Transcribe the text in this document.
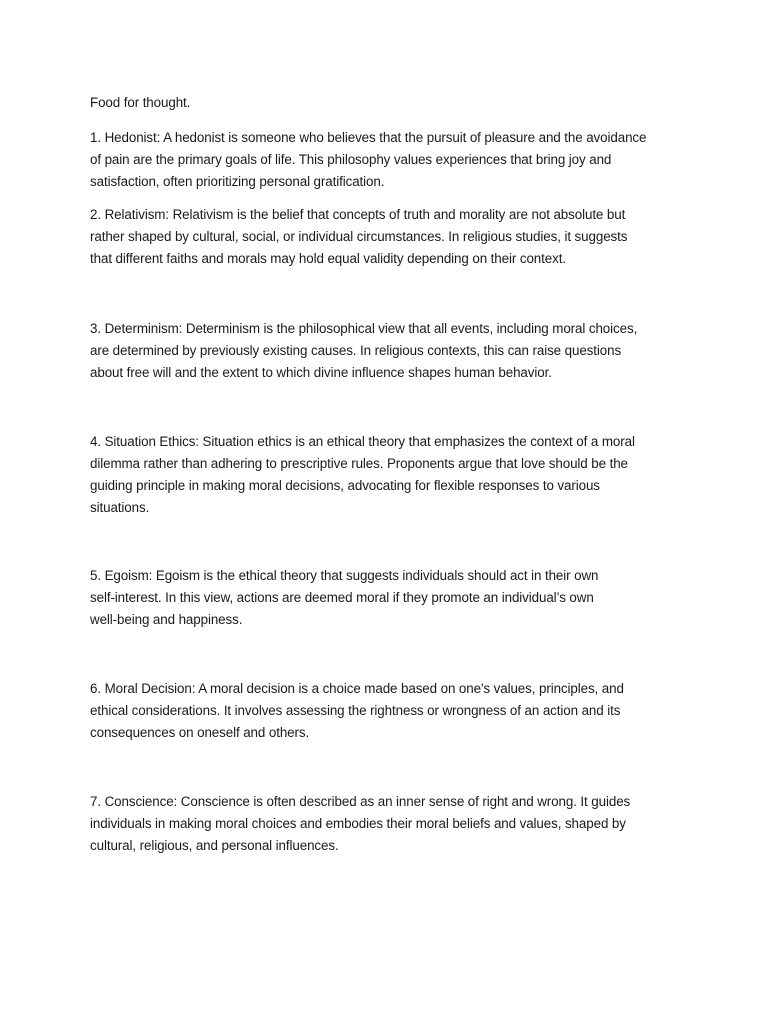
Food for thought.

1. Hedonist: A hedonist is someone who believes that the pursuit of pleasure and the avoidance
of pain are the primary goals of life. This philosophy values experiences that bring joy and
satisfaction, often prioritizing personal gratification.

2. Relativism: Relativism is the belief that concepts of truth and morality are not absolute but
rather shaped by cultural, social, or individual circumstances. In religious studies, it suggests
that different faiths and morals may hold equal validity depending on their context.

3. Determinism: Determinism is the philosophical view that all events, including moral choices,
are determined by previously existing causes. In religious contexts, this can raise questions
about free will and the extent to which divine influence shapes human behavior.

4. Situation Ethics: Situation ethics is an ethical theory that emphasizes the context of a moral
dilemma rather than adhering to prescriptive rules. Proponents argue that love should be the
guiding principle in making moral decisions, advocating for flexible responses to various
situations.

5. Egoism: Egoism is the ethical theory that suggests individuals should act in their own
self-interest. In this view, actions are deemed moral if they promote an individual’s own
well-being and happiness.

6. Moral Decision: A moral decision is a choice made based on one's values, principles, and
ethical considerations. It involves assessing the rightness or wrongness of an action and its
consequences on oneself and others.

7. Conscience: Conscience is often described as an inner sense of right and wrong. It guides
individuals in making moral choices and embodies their moral beliefs and values, shaped by
cultural, religious, and personal influences.
